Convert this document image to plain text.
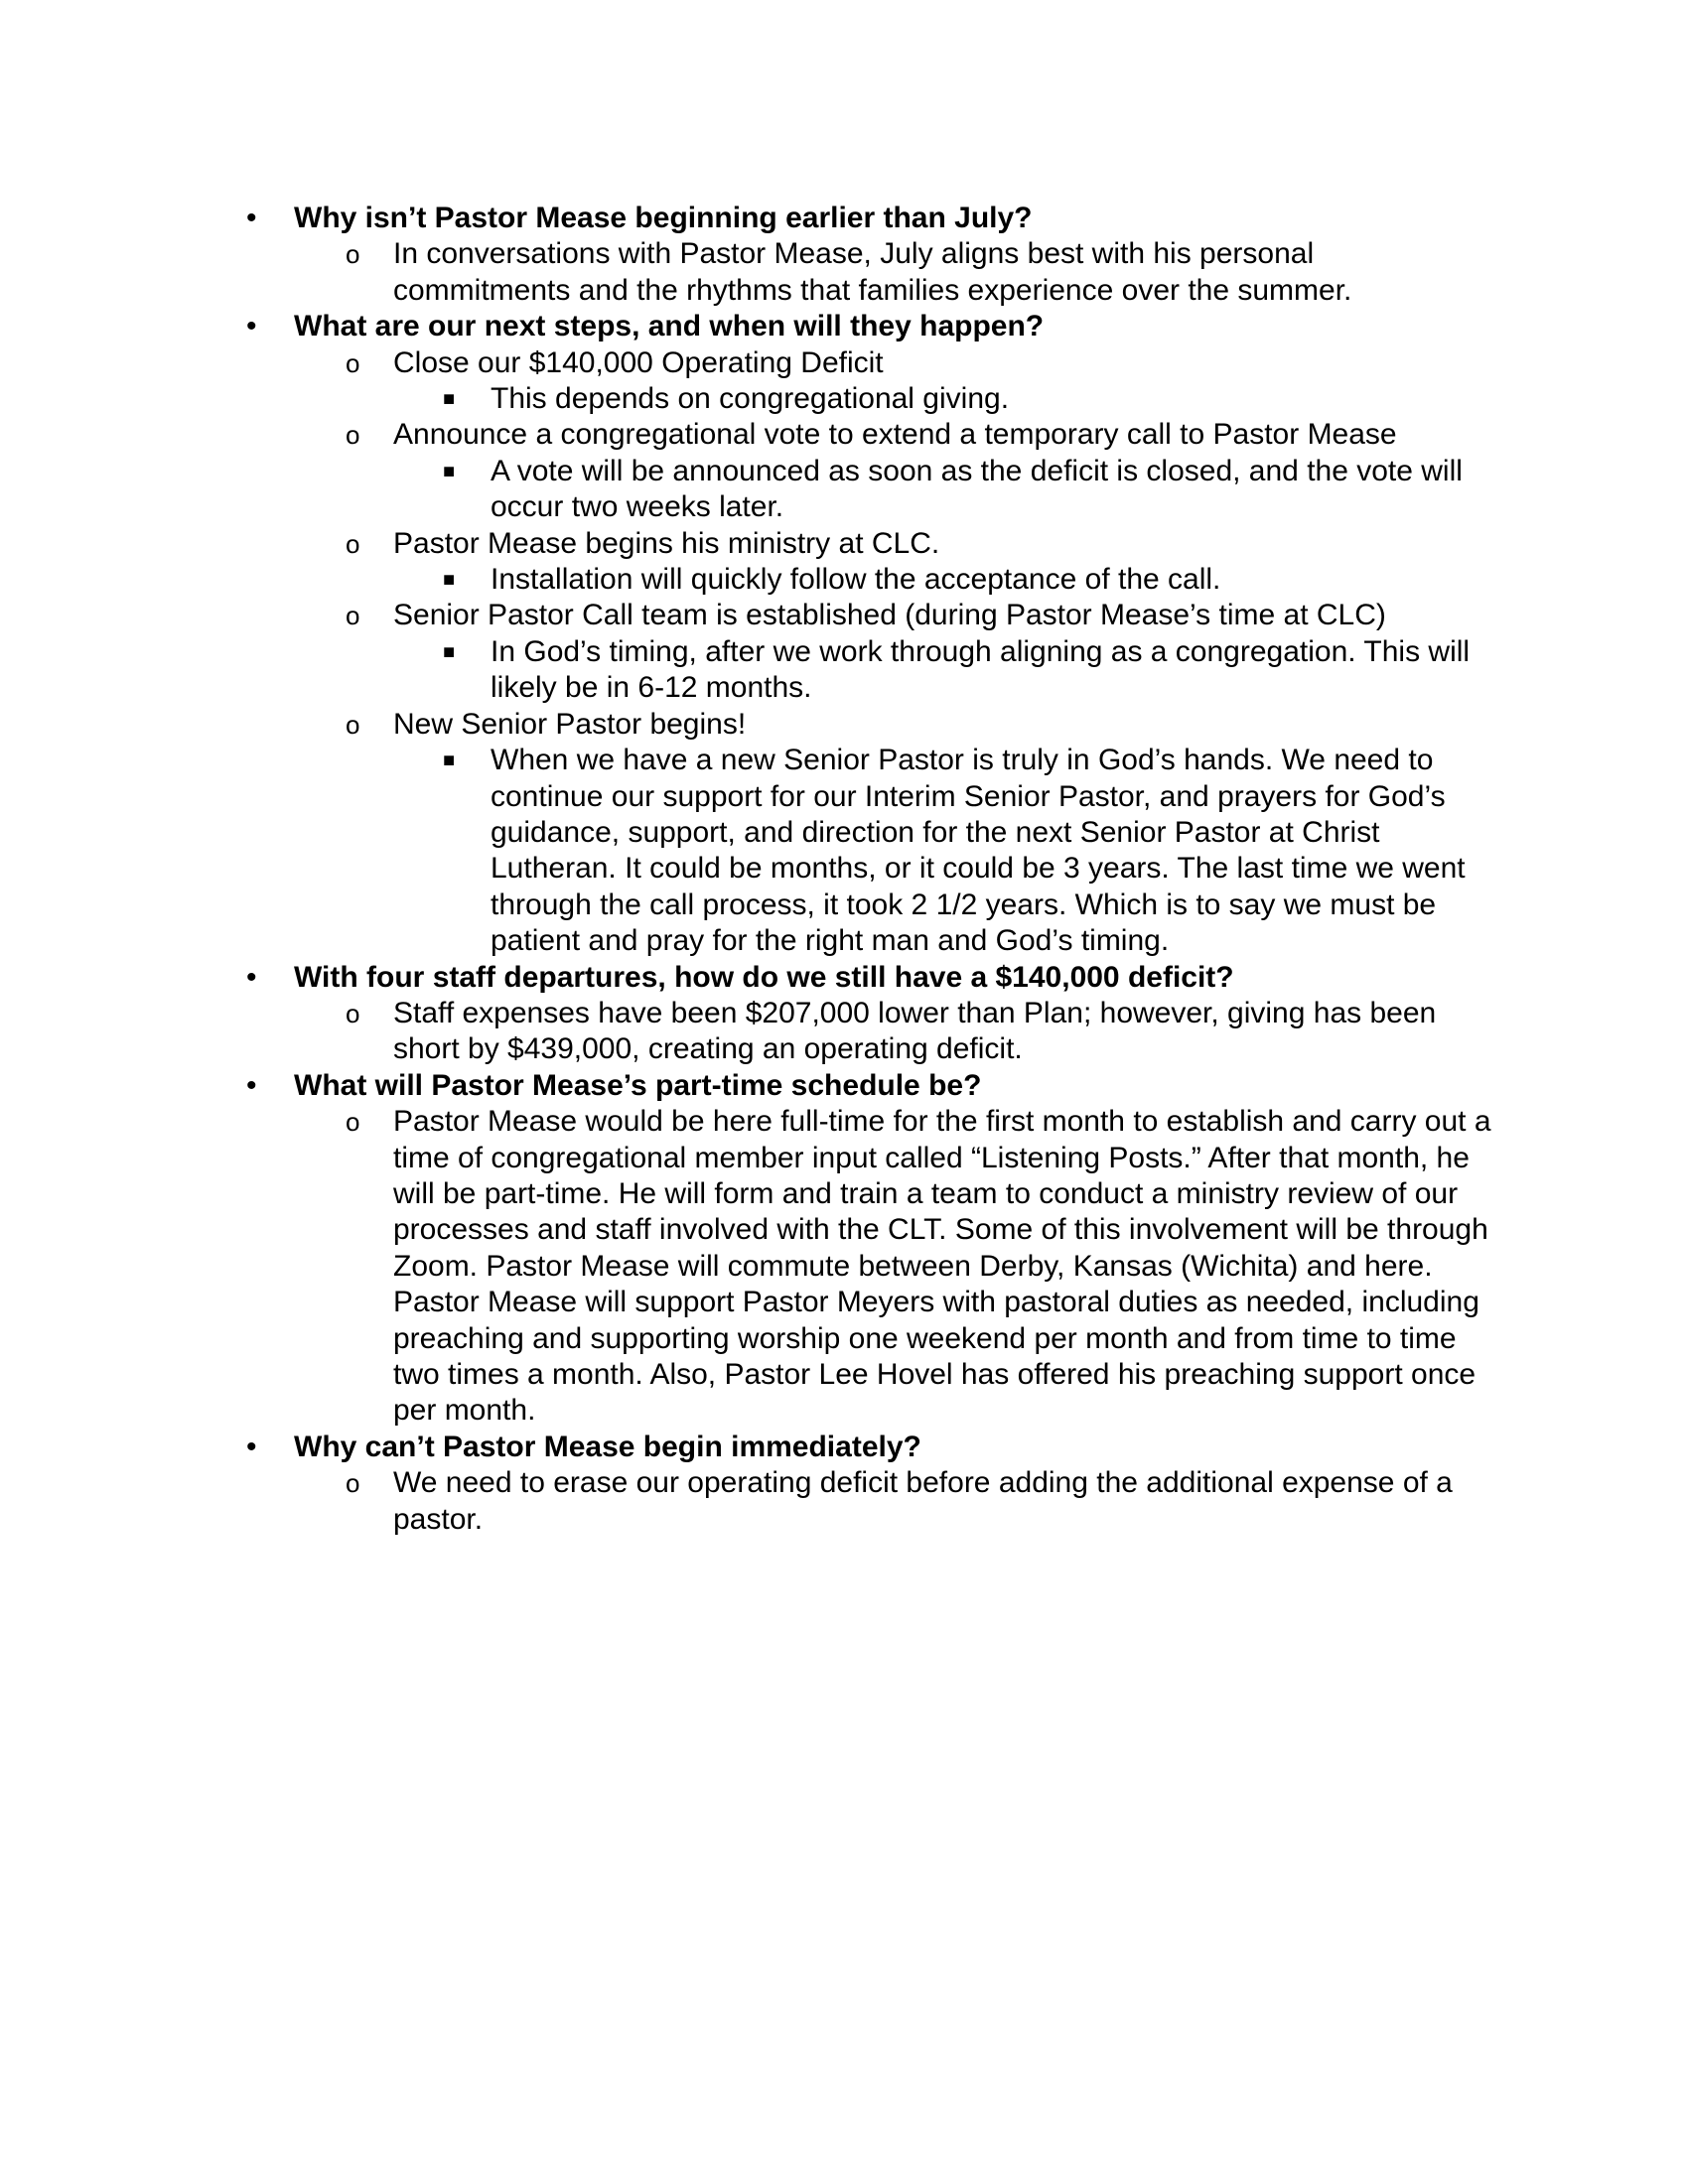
• Why isn’t Pastor Mease beginning earlier than July?
o In conversations with Pastor Mease, July aligns best with his personal commitments and the rhythms that families experience over the summer.
• What are our next steps, and when will they happen?
o Close our $140,000 Operating Deficit
■ This depends on congregational giving.
o Announce a congregational vote to extend a temporary call to Pastor Mease
■ A vote will be announced as soon as the deficit is closed, and the vote will occur two weeks later.
o Pastor Mease begins his ministry at CLC.
■ Installation will quickly follow the acceptance of the call.
o Senior Pastor Call team is established (during Pastor Mease’s time at CLC)
■ In God’s timing, after we work through aligning as a congregation. This will likely be in 6-12 months.
o New Senior Pastor begins!
■ When we have a new Senior Pastor is truly in God’s hands. We need to continue our support for our Interim Senior Pastor, and prayers for God’s guidance, support, and direction for the next Senior Pastor at Christ Lutheran. It could be months, or it could be 3 years. The last time we went through the call process, it took 2 1/2 years. Which is to say we must be patient and pray for the right man and God’s timing.
• With four staff departures, how do we still have a $140,000 deficit?
o Staff expenses have been $207,000 lower than Plan; however, giving has been short by $439,000, creating an operating deficit.
• What will Pastor Mease’s part-time schedule be?
o Pastor Mease would be here full-time for the first month to establish and carry out a time of congregational member input called “Listening Posts.” After that month, he will be part-time. He will form and train a team to conduct a ministry review of our processes and staff involved with the CLT. Some of this involvement will be through Zoom. Pastor Mease will commute between Derby, Kansas (Wichita) and here. Pastor Mease will support Pastor Meyers with pastoral duties as needed, including preaching and supporting worship one weekend per month and from time to time two times a month. Also, Pastor Lee Hovel has offered his preaching support once per month.
• Why can’t Pastor Mease begin immediately?
o We need to erase our operating deficit before adding the additional expense of a pastor.
